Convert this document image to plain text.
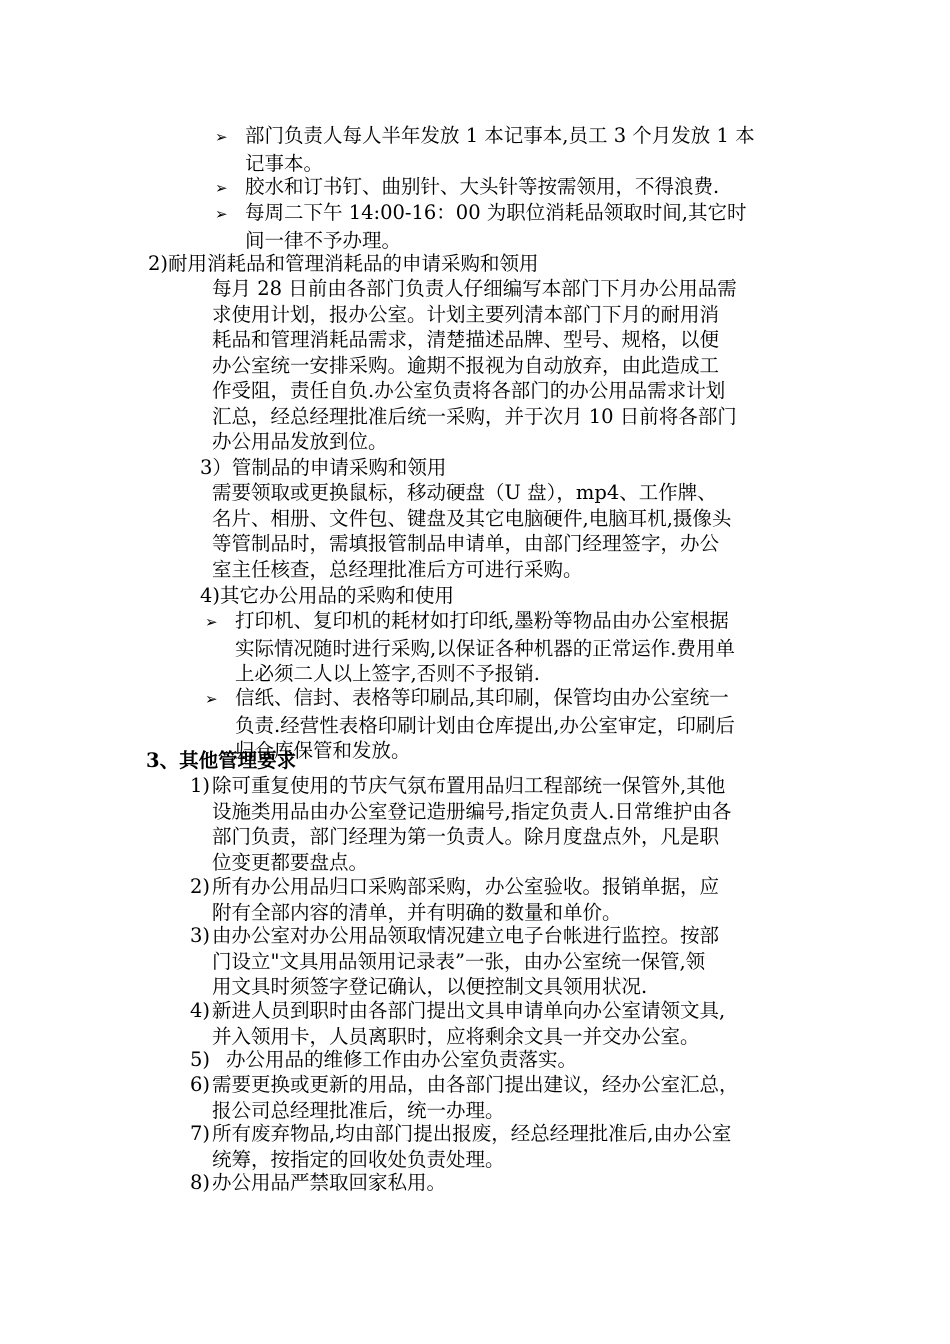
➢ 部门负责人每人半年发放 1 本记事本,员工 3 个月发放 1 本
记事本。
➢ 胶水和订书钉、曲别针、大头针等按需领用，不得浪费.
➢ 每周二下午 14:00-16：00 为职位消耗品领取时间,其它时
间一律不予办理。
2)耐用消耗品和管理消耗品的申请采购和领用
每月 28 日前由各部门负责人仔细编写本部门下月办公用品需
求使用计划，报办公室。计划主要列清本部门下月的耐用消
耗品和管理消耗品需求，清楚描述品牌、型号、规格，以便
办公室统一安排采购。逾期不报视为自动放弃，由此造成工
作受阻，责任自负.办公室负责将各部门的办公用品需求计划
汇总，经总经理批准后统一采购，并于次月 10 日前将各部门
办公用品发放到位。
3）管制品的申请采购和领用
需要领取或更换鼠标，移动硬盘（U 盘），mp4、工作牌、
名片、相册、文件包、键盘及其它电脑硬件,电脑耳机,摄像头
等管制品时，需填报管制品申请单，由部门经理签字，办公
室主任核查，总经理批准后方可进行采购。
4)其它办公用品的采购和使用
➢ 打印机、复印机的耗材如打印纸,墨粉等物品由办公室根据
实际情况随时进行采购,以保证各种机器的正常运作.费用单
上必须二人以上签字,否则不予报销.
➢ 信纸、信封、表格等印刷品,其印刷，保管均由办公室统一
负责.经营性表格印刷计划由仓库提出,办公室审定，印刷后
归仓库保管和发放。
3、其他管理要求
1) 除可重复使用的节庆气氛布置用品归工程部统一保管外,其他
设施类用品由办公室登记造册编号,指定负责人.日常维护由各
部门负责，部门经理为第一负责人。除月度盘点外，凡是职
位变更都要盘点。
2) 所有办公用品归口采购部采购，办公室验收。报销单据，应
附有全部内容的清单，并有明确的数量和单价。
3) 由办公室对办公用品领取情况建立电子台帐进行监控。按部
门设立"文具用品领用记录表”一张，由办公室统一保管,领
用文具时须签字登记确认，以便控制文具领用状况.
4) 新进人员到职时由各部门提出文具申请单向办公室请领文具,
并入领用卡，人员离职时，应将剩余文具一并交办公室。
5) 办公用品的维修工作由办公室负责落实。
6) 需要更换或更新的用品，由各部门提出建议，经办公室汇总，
报公司总经理批准后，统一办理。
7) 所有废弃物品,均由部门提出报废，经总经理批准后,由办公室
统筹，按指定的回收处负责处理。
8) 办公用品严禁取回家私用。
